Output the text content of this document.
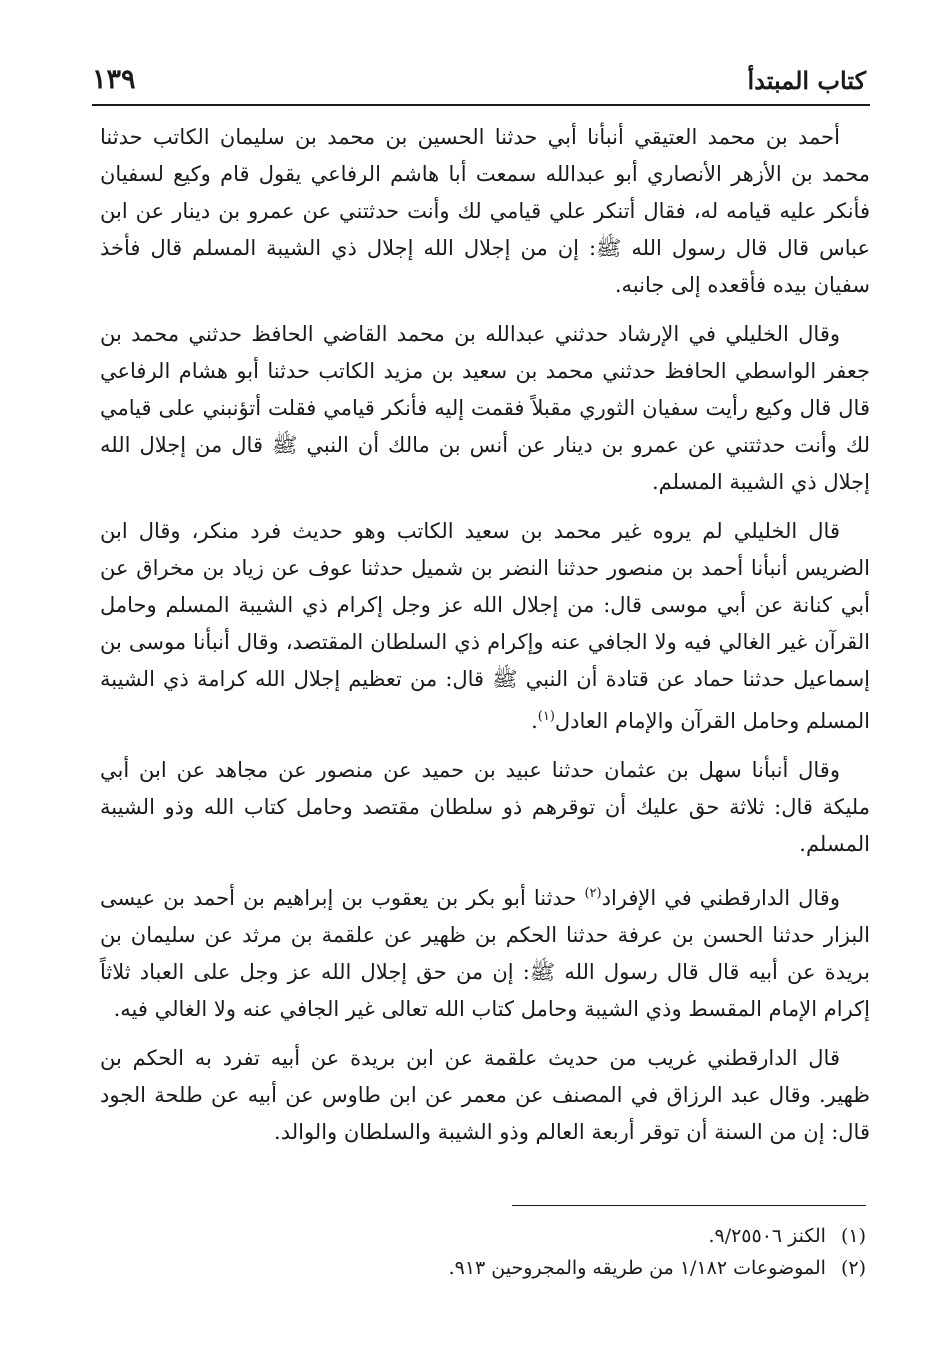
١٣٩	كتاب المبتدأ

أحمد بن محمد العتيقي أنبأنا أبي حدثنا الحسين بن محمد بن سليمان الكاتب حدثنا محمد بن الأزهر الأنصاري أبو عبدالله سمعت أبا هاشم الرفاعي يقول قام وكيع لسفيان فأنكر عليه قيامه له، فقال أتنكر علي قيامي لك وأنت حدثتني عن عمرو بن دينار عن ابن عباس قال قال رسول الله ﷺ: إن من إجلال الله إجلال ذي الشيبة المسلم قال فأخذ سفيان بيده فأقعده إلى جانبه.

وقال الخليلي في الإرشاد حدثني عبدالله بن محمد القاضي الحافظ حدثني محمد بن جعفر الواسطي الحافظ حدثني محمد بن سعيد بن مزيد الكاتب حدثنا أبو هشام الرفاعي قال قال وكيع رأيت سفيان الثوري مقبلاً فقمت إليه فأنكر قيامي فقلت أتؤنبني على قيامي لك وأنت حدثتني عن عمرو بن دينار عن أنس بن مالك أن النبي ﷺ قال من إجلال الله إجلال ذي الشيبة المسلم.

قال الخليلي لم يروه غير محمد بن سعيد الكاتب وهو حديث فرد منكر، وقال ابن الضريس أنبأنا أحمد بن منصور حدثنا النضر بن شميل حدثنا عوف عن زياد بن مخراق عن أبي كنانة عن أبي موسى قال: من إجلال الله عز وجل إكرام ذي الشيبة المسلم وحامل القرآن غير الغالي فيه ولا الجافي عنه وإكرام ذي السلطان المقتصد، وقال أنبأنا موسى بن إسماعيل حدثنا حماد عن قتادة أن النبي ﷺ قال: من تعظيم إجلال الله كرامة ذي الشيبة المسلم وحامل القرآن والإمام العادل$^{(١)}$.

وقال أنبأنا سهل بن عثمان حدثنا عبيد بن حميد عن منصور عن مجاهد عن ابن أبي مليكة قال: ثلاثة حق عليك أن توقرهم ذو سلطان مقتصد وحامل كتاب الله وذو الشيبة المسلم.

وقال الدارقطني في الإفراد$^{(٢)}$ حدثنا أبو بكر بن يعقوب بن إبراهيم بن أحمد بن عيسى البزار حدثنا الحسن بن عرفة حدثنا الحكم بن ظهير عن علقمة بن مرثد عن سليمان بن بريدة عن أبيه قال قال رسول الله ﷺ: إن من حق إجلال الله عز وجل على العباد ثلاثاً إكرام الإمام المقسط وذي الشيبة وحامل كتاب الله تعالى غير الجافي عنه ولا الغالي فيه.

قال الدارقطني غريب من حديث علقمة عن ابن بريدة عن أبيه تفرد به الحكم بن ظهير. وقال عبد الرزاق في المصنف عن معمر عن ابن طاوس عن أبيه عن طلحة الجود قال: إن من السنة أن توقر أربعة العالم وذو الشيبة والسلطان والوالد.

(١) الكنز ٩/٢٥٥٠٦.
(٢) الموضوعات ١/١٨٢ من طريقه والمجروحين ٩١٣.
